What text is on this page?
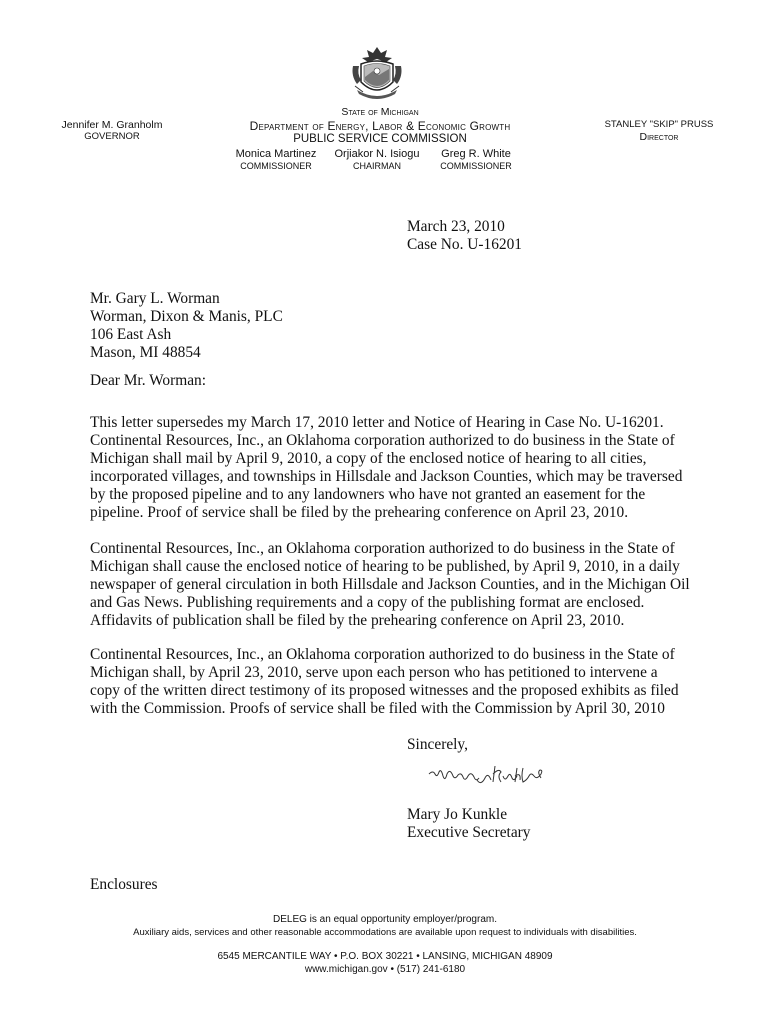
State of Michigan
Department of Energy, Labor & Economic Growth
PUBLIC SERVICE COMMISSION
Jennifer M. Granholm
GOVERNOR
STANLEY "SKIP" PRUSS
Director
Monica Martinez
COMMISSIONER
Orjiakor N. Isiogu
CHAIRMAN
Greg R. White
COMMISSIONER
March 23, 2010
Case No. U-16201
Mr. Gary L. Worman
Worman, Dixon & Manis, PLC
106 East Ash
Mason, MI 48854
Dear Mr. Worman:
This letter supersedes my March 17, 2010 letter and Notice of Hearing in Case No. U-16201.
Continental Resources, Inc., an Oklahoma corporation authorized to do business in the State of
Michigan shall mail by April 9, 2010, a copy of the enclosed notice of hearing to all cities,
incorporated villages, and townships in Hillsdale and Jackson Counties, which may be traversed
by the proposed pipeline and to any landowners who have not granted an easement for the
pipeline. Proof of service shall be filed by the prehearing conference on April 23, 2010.
Continental Resources, Inc., an Oklahoma corporation authorized to do business in the State of
Michigan shall cause the enclosed notice of hearing to be published, by April 9, 2010, in a daily
newspaper of general circulation in both Hillsdale and Jackson Counties, and in the Michigan Oil
and Gas News. Publishing requirements and a copy of the publishing format are enclosed.
Affidavits of publication shall be filed by the prehearing conference on April 23, 2010.
Continental Resources, Inc., an Oklahoma corporation authorized to do business in the State of
Michigan shall, by April 23, 2010, serve upon each person who has petitioned to intervene a
copy of the written direct testimony of its proposed witnesses and the proposed exhibits as filed
with the Commission. Proofs of service shall be filed with the Commission by April 30, 2010
Sincerely,
Mary Jo Kunkle
Executive Secretary
Enclosures
DELEG is an equal opportunity employer/program.
Auxiliary aids, services and other reasonable accommodations are available upon request to individuals with disabilities.
6545 MERCANTILE WAY • P.O. BOX 30221 • LANSING, MICHIGAN 48909
www.michigan.gov • (517) 241-6180
